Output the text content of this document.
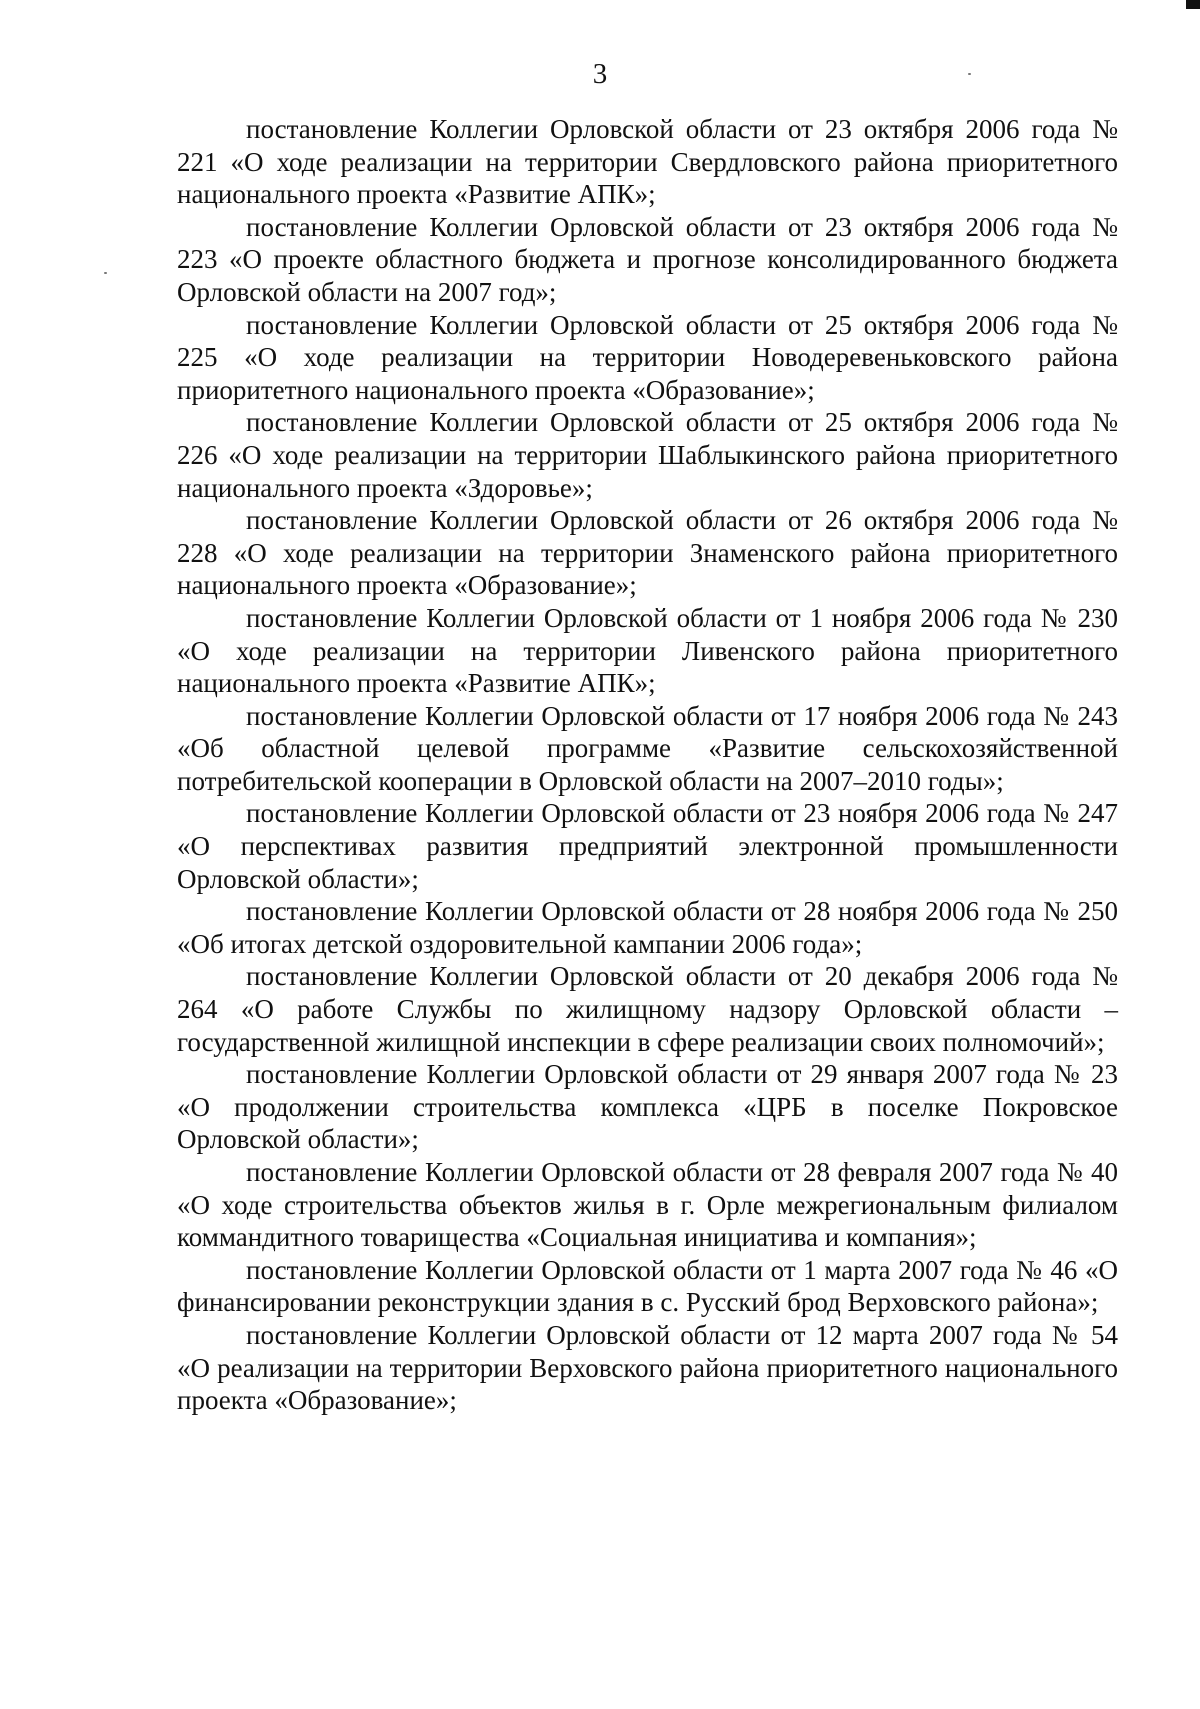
3

постановление Коллегии Орловской области от 23 октября 2006 года № 221 «О ходе реализации на территории Свердловского района приоритетного национального проекта «Развитие АПК»;

постановление Коллегии Орловской области от 23 октября 2006 года № 223 «О проекте областного бюджета и прогнозе консолидированного бюджета Орловской области на 2007 год»;

постановление Коллегии Орловской области от 25 октября 2006 года № 225 «О ходе реализации на территории Новодеревеньковского района приоритетного национального проекта «Образование»;

постановление Коллегии Орловской области от 25 октября 2006 года № 226 «О ходе реализации на территории Шаблыкинского района приоритетного национального проекта «Здоровье»;

постановление Коллегии Орловской области от 26 октября 2006 года № 228 «О ходе реализации на территории Знаменского района приоритетного национального проекта «Образование»;

постановление Коллегии Орловской области от 1 ноября 2006 года № 230 «О ходе реализации на территории Ливенского района приоритетного национального проекта «Развитие АПК»;

постановление Коллегии Орловской области от 17 ноября 2006 года № 243 «Об областной целевой программе «Развитие сельскохозяйственной потребительской кооперации в Орловской области на 2007–2010 годы»;

постановление Коллегии Орловской области от 23 ноября 2006 года № 247 «О перспективах развития предприятий электронной промышленности Орловской области»;

постановление Коллегии Орловской области от 28 ноября 2006 года № 250 «Об итогах детской оздоровительной кампании 2006 года»;

постановление Коллегии Орловской области от 20 декабря 2006 года № 264 «О работе Службы по жилищному надзору Орловской области – государственной жилищной инспекции в сфере реализации своих полномочий»;

постановление Коллегии Орловской области от 29 января 2007 года № 23 «О продолжении строительства комплекса «ЦРБ в поселке Покровское Орловской области»;

постановление Коллегии Орловской области от 28 февраля 2007 года № 40 «О ходе строительства объектов жилья в г. Орле межрегиональным филиалом коммандитного товарищества «Социальная инициатива и компания»;

постановление Коллегии Орловской области от 1 марта 2007 года № 46 «О финансировании реконструкции здания в с. Русский брод Верховского района»;

постановление Коллегии Орловской области от 12 марта 2007 года № 54 «О реализации на территории Верховского района приоритетного национального проекта «Образование»;
